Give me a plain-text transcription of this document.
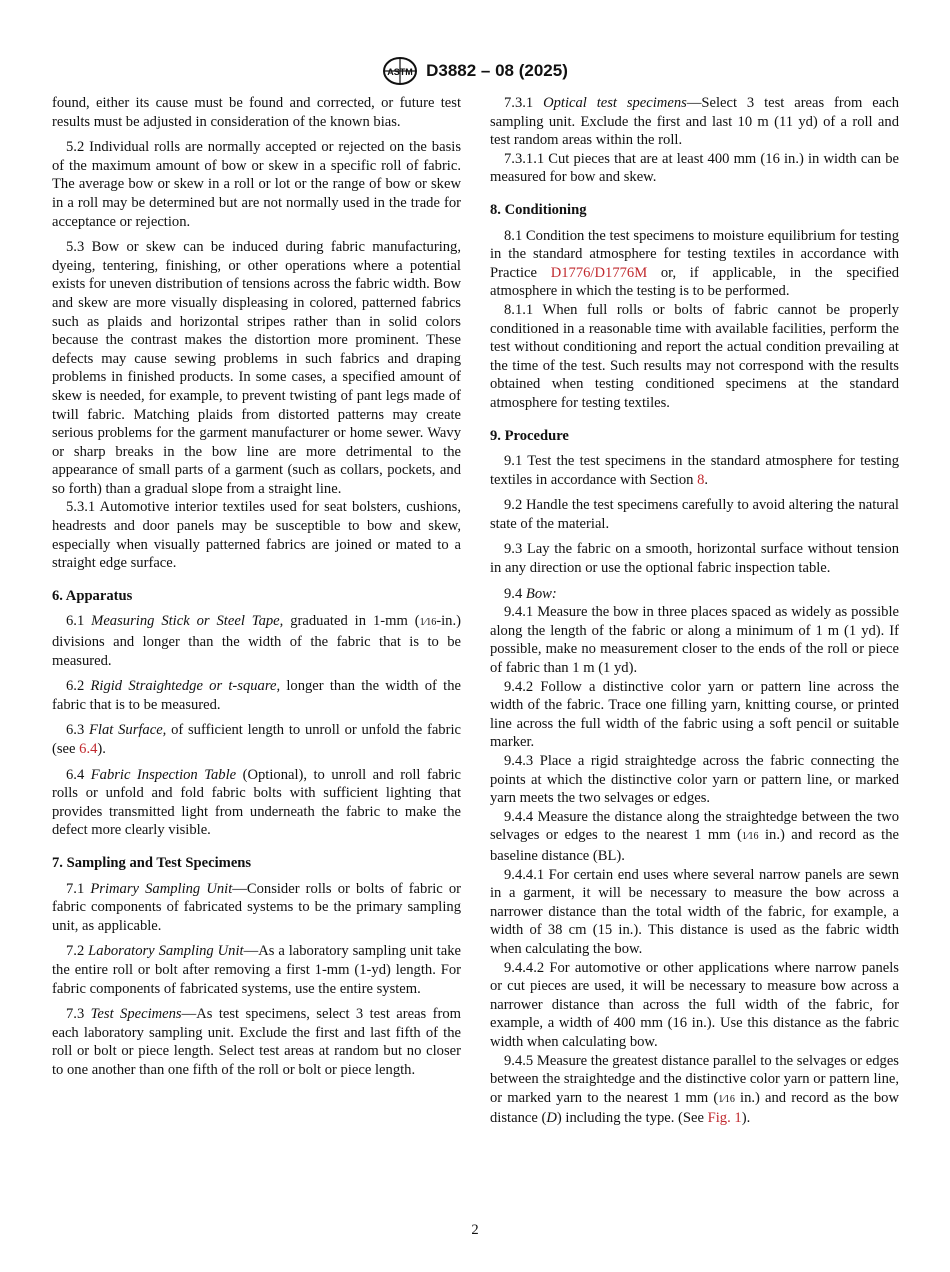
ASTM D3882 – 08 (2025)

found, either its cause must be found and corrected, or future test results must be adjusted in consideration of the known bias.

5.2 Individual rolls are normally accepted or rejected on the basis of the maximum amount of bow or skew in a specific roll of fabric. The average bow or skew in a roll or lot or the range of bow or skew in a roll may be determined but are not normally used in the trade for acceptance or rejection.

5.3 Bow or skew can be induced during fabric manufacturing, dyeing, tentering, finishing, or other operations where a potential exists for uneven distribution of tensions across the fabric width. Bow and skew are more visually displeasing in colored, patterned fabrics such as plaids and horizontal stripes rather than in solid colors because the contrast makes the distortion more prominent. These defects may cause sewing problems in such fabrics and draping problems in finished products. In some cases, a specified amount of skew is needed, for example, to prevent twisting of pant legs made of twill fabric. Matching plaids from distorted patterns may create serious problems for the garment manufacturer or home sewer. Wavy or sharp breaks in the bow line are more detrimental to the appearance of small parts of a garment (such as collars, pockets, and so forth) than a gradual slope from a straight line.

5.3.1 Automotive interior textiles used for seat bolsters, cushions, headrests and door panels may be susceptible to bow and skew, especially when visually patterned fabrics are joined or mated to a straight edge surface.

6. Apparatus

6.1 Measuring Stick or Steel Tape, graduated in 1-mm (1⁄16-in.) divisions and longer than the width of the fabric that is to be measured.

6.2 Rigid Straightedge or t-square, longer than the width of the fabric that is to be measured.

6.3 Flat Surface, of sufficient length to unroll or unfold the fabric (see 6.4).

6.4 Fabric Inspection Table (Optional), to unroll and roll fabric rolls or unfold and fold fabric bolts with sufficient lighting that provides transmitted light from underneath the fabric to make the defect more clearly visible.

7. Sampling and Test Specimens

7.1 Primary Sampling Unit—Consider rolls or bolts of fabric or fabric components of fabricated systems to be the primary sampling unit, as applicable.

7.2 Laboratory Sampling Unit—As a laboratory sampling unit take the entire roll or bolt after removing a first 1-mm (1-yd) length. For fabric components of fabricated systems, use the entire system.

7.3 Test Specimens—As test specimens, select 3 test areas from each laboratory sampling unit. Exclude the first and last fifth of the roll or bolt or piece length. Select test areas at random but no closer to one another than one fifth of the roll or bolt or piece length.

7.3.1 Optical test specimens—Select 3 test areas from each sampling unit. Exclude the first and last 10 m (11 yd) of a roll and test random areas within the roll.

7.3.1.1 Cut pieces that are at least 400 mm (16 in.) in width can be measured for bow and skew.

8. Conditioning

8.1 Condition the test specimens to moisture equilibrium for testing in the standard atmosphere for testing textiles in accordance with Practice D1776/D1776M or, if applicable, in the specified atmosphere in which the testing is to be performed.

8.1.1 When full rolls or bolts of fabric cannot be properly conditioned in a reasonable time with available facilities, perform the test without conditioning and report the actual condition prevailing at the time of the test. Such results may not correspond with the results obtained when testing conditioned specimens at the standard atmosphere for testing textiles.

9. Procedure

9.1 Test the test specimens in the standard atmosphere for testing textiles in accordance with Section 8.

9.2 Handle the test specimens carefully to avoid altering the natural state of the material.

9.3 Lay the fabric on a smooth, horizontal surface without tension in any direction or use the optional fabric inspection table.

9.4 Bow:

9.4.1 Measure the bow in three places spaced as widely as possible along the length of the fabric or along a minimum of 1 m (1 yd). If possible, make no measurement closer to the ends of the roll or piece of fabric than 1 m (1 yd).

9.4.2 Follow a distinctive color yarn or pattern line across the width of the fabric. Trace one filling yarn, knitting course, or printed line across the full width of the fabric using a soft pencil or suitable marker.

9.4.3 Place a rigid straightedge across the fabric connecting the points at which the distinctive color yarn or pattern line, or marked yarn meets the two selvages or edges.

9.4.4 Measure the distance along the straightedge between the two selvages or edges to the nearest 1 mm (1⁄16 in.) and record as the baseline distance (BL).

9.4.4.1 For certain end uses where several narrow panels are sewn in a garment, it will be necessary to measure the bow across a narrower distance than the total width of the fabric, for example, a width of 38 cm (15 in.). This distance is used as the fabric width when calculating the bow.

9.4.4.2 For automotive or other applications where narrow panels or cut pieces are used, it will be necessary to measure bow across a narrower distance than across the full width of the fabric, for example, a width of 400 mm (16 in.). Use this distance as the fabric width when calculating bow.

9.4.5 Measure the greatest distance parallel to the selvages or edges between the straightedge and the distinctive color yarn or pattern line, or marked yarn to the nearest 1 mm (1⁄16 in.) and record as the bow distance (D) including the type. (See Fig. 1).

2
